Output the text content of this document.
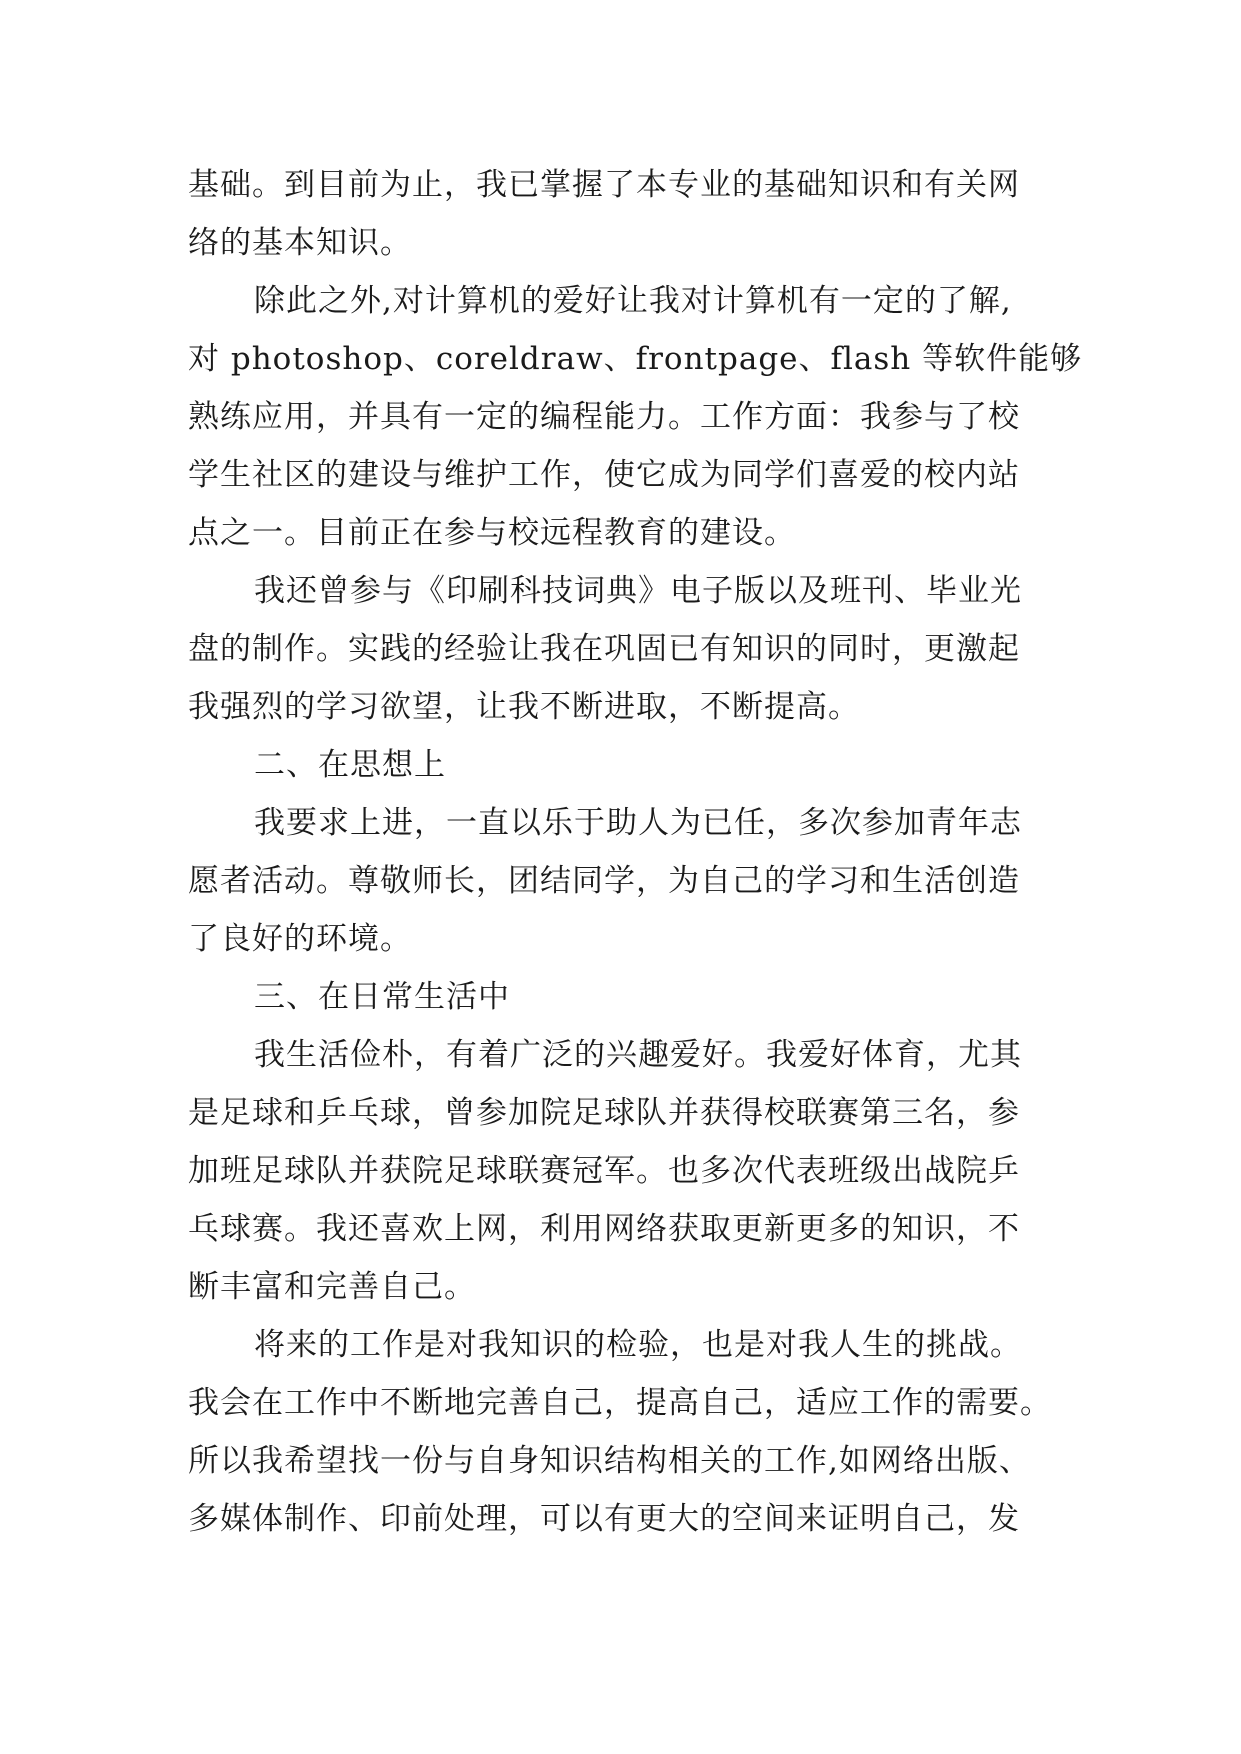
基础。到目前为止，我已掌握了本专业的基础知识和有关网
络的基本知识。
除此之外,对计算机的爱好让我对计算机有一定的了解,
对 photoshop、coreldraw、frontpage、flash 等软件能够
熟练应用，并具有一定的编程能力。工作方面：我参与了校
学生社区的建设与维护工作，使它成为同学们喜爱的校内站
点之一。目前正在参与校远程教育的建设。
我还曾参与《印刷科技词典》电子版以及班刊、毕业光
盘的制作。实践的经验让我在巩固已有知识的同时，更激起
我强烈的学习欲望，让我不断进取，不断提高。
二、在思想上
我要求上进，一直以乐于助人为已任，多次参加青年志
愿者活动。尊敬师长，团结同学，为自己的学习和生活创造
了良好的环境。
三、在日常生活中
我生活俭朴，有着广泛的兴趣爱好。我爱好体育，尤其
是足球和乒乓球，曾参加院足球队并获得校联赛第三名，参
加班足球队并获院足球联赛冠军。也多次代表班级出战院乒
乓球赛。我还喜欢上网，利用网络获取更新更多的知识，不
断丰富和完善自己。
将来的工作是对我知识的检验，也是对我人生的挑战。
我会在工作中不断地完善自己，提高自己，适应工作的需要。
所以我希望找一份与自身知识结构相关的工作,如网络出版、
多媒体制作、印前处理，可以有更大的空间来证明自己，发
